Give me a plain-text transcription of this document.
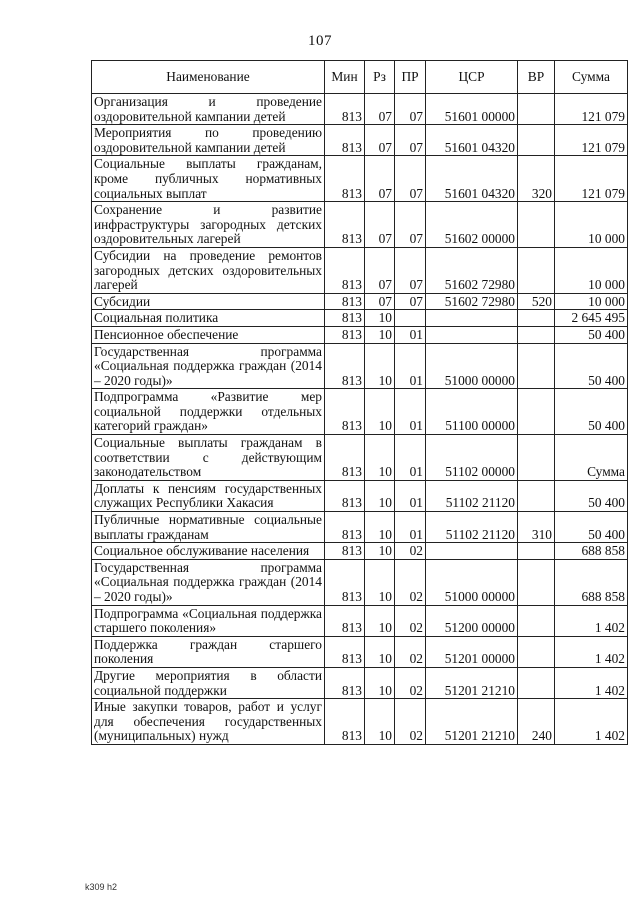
107
Наименование	Мин	Рз	ПР	ЦСР	ВР	Сумма
Организация и проведение оздоровительной кампании детей	813	07	07	51601 00000		121 079
Мероприятия по проведению оздоровительной кампании детей	813	07	07	51601 04320		121 079
Социальные выплаты гражданам, кроме публичных нормативных социальных выплат	813	07	07	51601 04320	320	121 079
Сохранение и развитие инфраструктуры загородных детских оздоровительных лагерей	813	07	07	51602 00000		10 000
Субсидии на проведение ремонтов загородных детских оздоровительных лагерей	813	07	07	51602 72980		10 000
Субсидии	813	07	07	51602 72980	520	10 000
Социальная политика	813	10				2 645 495
Пенсионное обеспечение	813	10	01			50 400
Государственная программа «Социальная поддержка граждан (2014 – 2020 годы)»	813	10	01	51000 00000		50 400
Подпрограмма «Развитие мер социальной поддержки отдельных категорий граждан»	813	10	01	51100 00000		50 400
Социальные выплаты гражданам в соответствии с действующим законодательством	813	10	01	51102 00000		Сумма
Доплаты к пенсиям государственных служащих Республики Хакасия	813	10	01	51102 21120		50 400
Публичные нормативные социальные выплаты гражданам	813	10	01	51102 21120	310	50 400
Социальное обслуживание населения	813	10	02			688 858
Государственная программа «Социальная поддержка граждан (2014 – 2020 годы)»	813	10	02	51000 00000		688 858
Подпрограмма «Социальная поддержка старшего поколения»	813	10	02	51200 00000		1 402
Поддержка граждан старшего поколения	813	10	02	51201 00000		1 402
Другие мероприятия в области социальной поддержки	813	10	02	51201 21210		1 402
Иные закупки товаров, работ и услуг для обеспечения государственных (муниципальных) нужд	813	10	02	51201 21210	240	1 402
k309 h2
